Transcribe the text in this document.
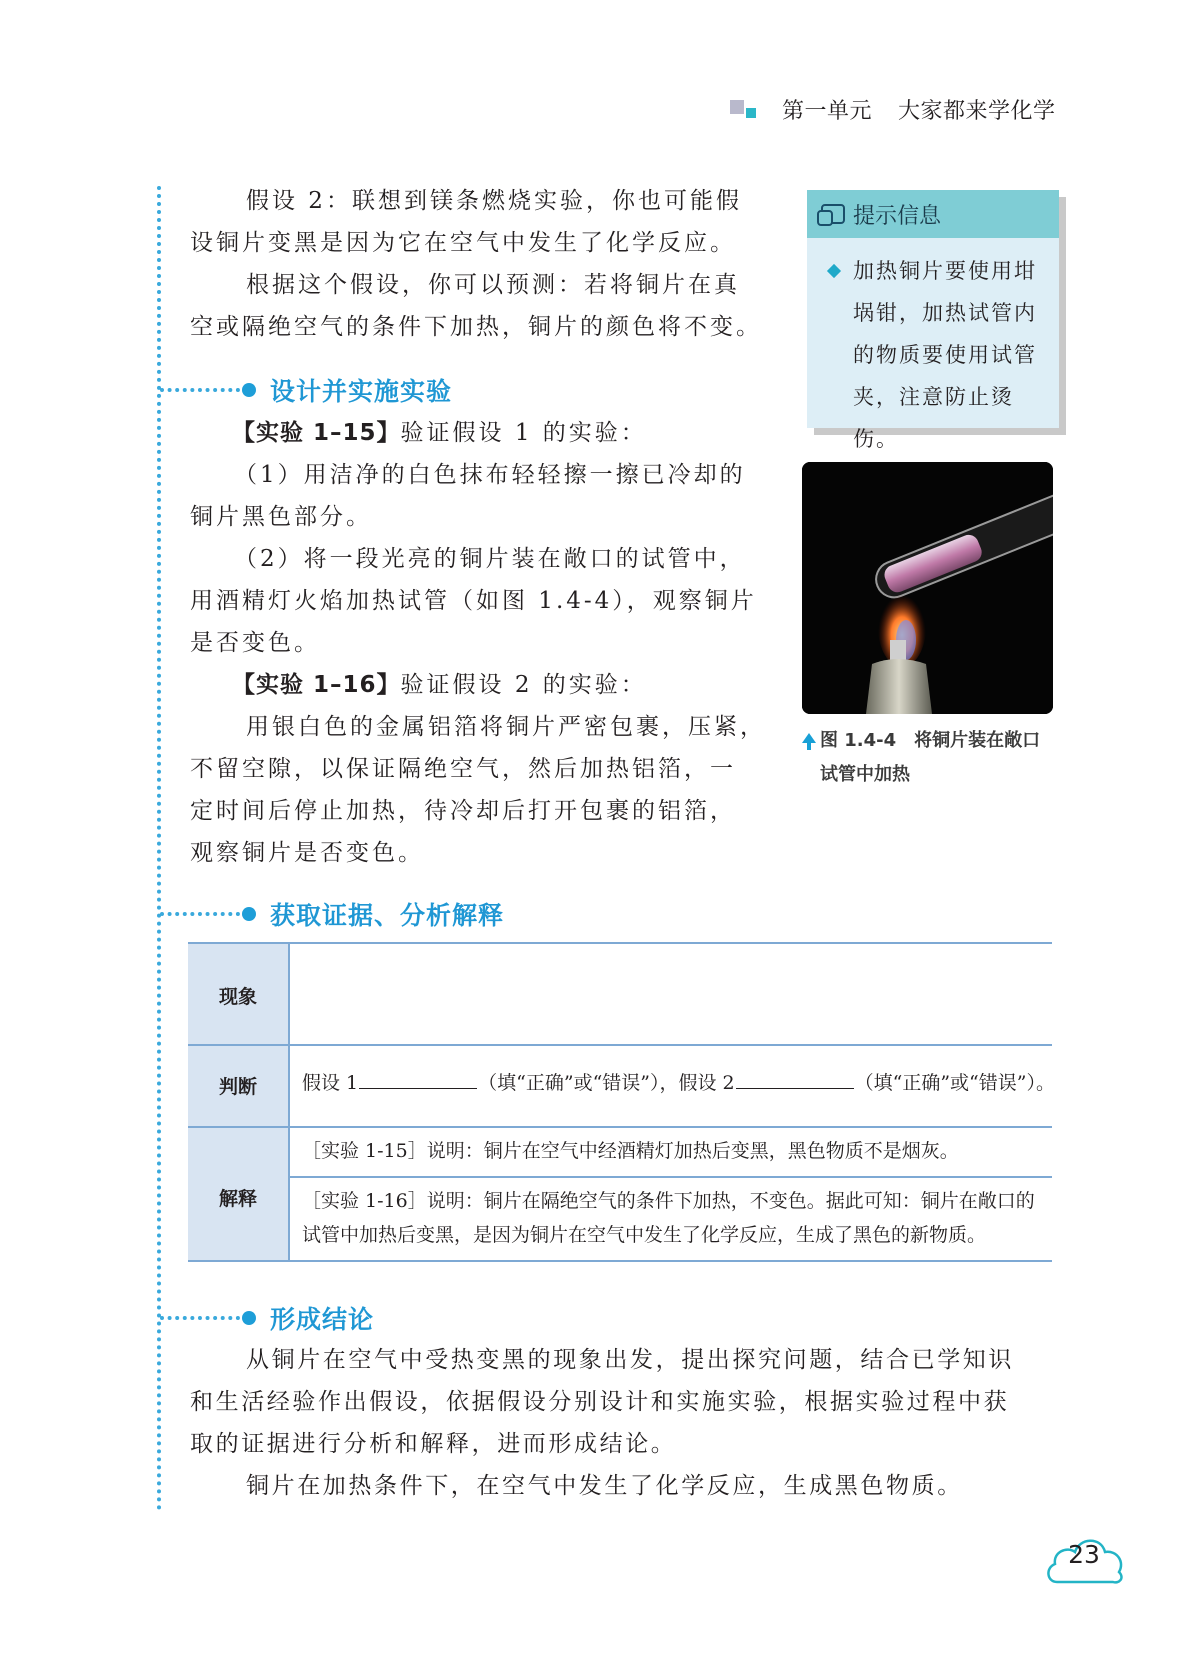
第一单元 大家都来学化学
假设 2：联想到镁条燃烧实验，你也可能假
设铜片变黑是因为它在空气中发生了化学反应。
根据这个假设，你可以预测：若将铜片在真
空或隔绝空气的条件下加热，铜片的颜色将不变。
提示信息
加热铜片要使用坩
埚钳，加热试管内
的物质要使用试管
夹，注意防止烫伤。
设计并实施实验
【实验 1–15】验证假设 1 的实验：
（1）用洁净的白色抹布轻轻擦一擦已冷却的
铜片黑色部分。
（2）将一段光亮的铜片装在敞口的试管中，
用酒精灯火焰加热试管（如图 1.4-4），观察铜片
是否变色。
【实验 1–16】验证假设 2 的实验：
用银白色的金属铝箔将铜片严密包裹，压紧，
不留空隙，以保证隔绝空气，然后加热铝箔，一
定时间后停止加热，待冷却后打开包裹的铝箔，
观察铜片是否变色。
图 1.4-4 将铜片装在敞口
试管中加热
获取证据、分析解释
现象
判断
解释
假设 1	（填“正确”或“错误”），假设 2	（填“正确”或“错误”）。
［实验 1-15］说明：铜片在空气中经酒精灯加热后变黑，黑色物质不是烟灰。
［实验 1-16］说明：铜片在隔绝空气的条件下加热，不变色。据此可知：铜片在敞口的
试管中加热后变黑，是因为铜片在空气中发生了化学反应，生成了黑色的新物质。
形成结论
从铜片在空气中受热变黑的现象出发，提出探究问题，结合已学知识
和生活经验作出假设，依据假设分别设计和实施实验，根据实验过程中获
取的证据进行分析和解释，进而形成结论。
铜片在加热条件下，在空气中发生了化学反应，生成黑色物质。
23
